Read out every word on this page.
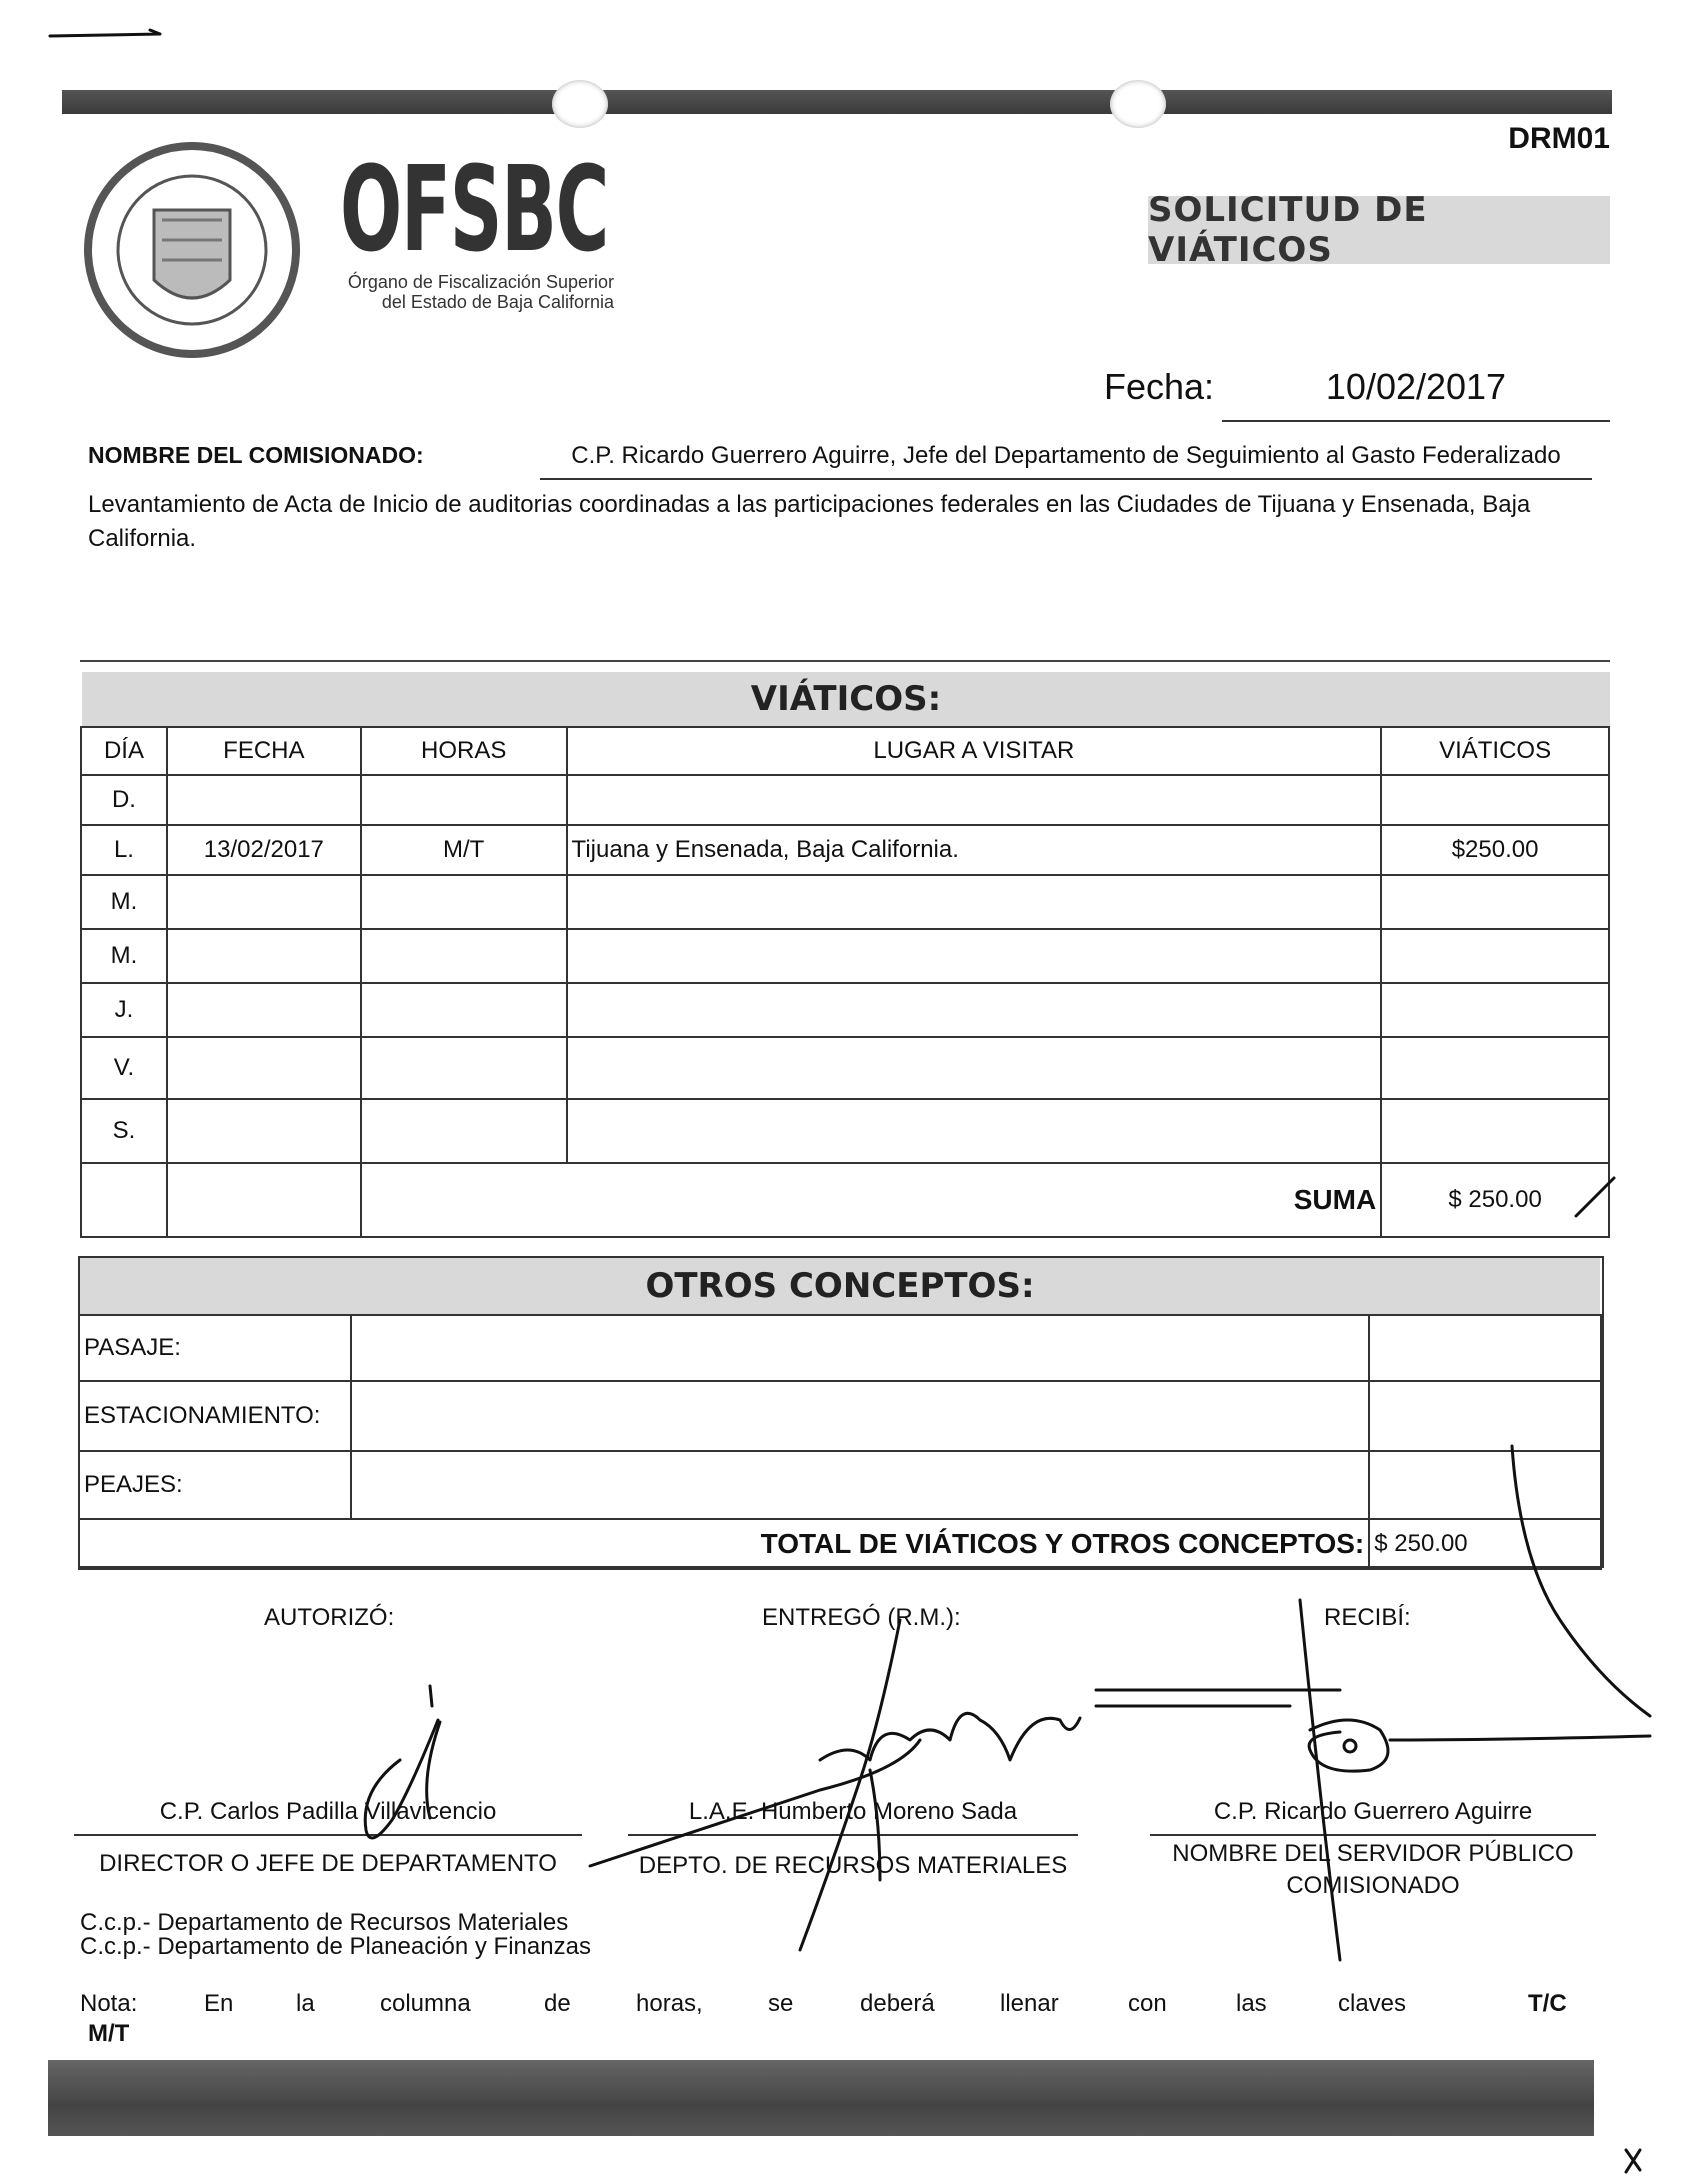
DRM01
OFSBC
Órgano de Fiscalización Superior
del Estado de Baja California
SOLICITUD DE VIÁTICOS
Fecha:	10/02/2017
NOMBRE DEL COMISIONADO:	C.P. Ricardo Guerrero Aguirre, Jefe del Departamento de Seguimiento al Gasto Federalizado
Levantamiento de Acta de Inicio de auditorias coordinadas a las participaciones federales en las Ciudades de Tijuana y Ensenada, Baja California.
VIÁTICOS:
DÍA	FECHA	HORAS	LUGAR A VISITAR	VIÁTICOS
D.				
L.	13/02/2017	M/T	Tijuana y Ensenada, Baja California.	$250.00
M.				
M.				
J.				
V.				
S.				
		SUMA		$ 250.00
OTROS CONCEPTOS:
PASAJE:		
ESTACIONAMIENTO:		
PEAJES:		
TOTAL DE VIÁTICOS Y OTROS CONCEPTOS:		$ 250.00
AUTORIZÓ:	ENTREGÓ (R.M.):	RECIBÍ:
C.P. Carlos Padilla Villavicencio	L.A.E. Humberto Moreno Sada	C.P. Ricardo Guerrero Aguirre
DIRECTOR O JEFE DE DEPARTAMENTO	DEPTO. DE RECURSOS MATERIALES	NOMBRE DEL SERVIDOR PÚBLICO
COMISIONADO
C.c.p.- Departamento de Recursos Materiales
C.c.p.- Departamento de Planeación y Finanzas
Nota:	En	la	columna	de	horas,	se	deberá	llenar	con	las	claves	T/C
M/T
